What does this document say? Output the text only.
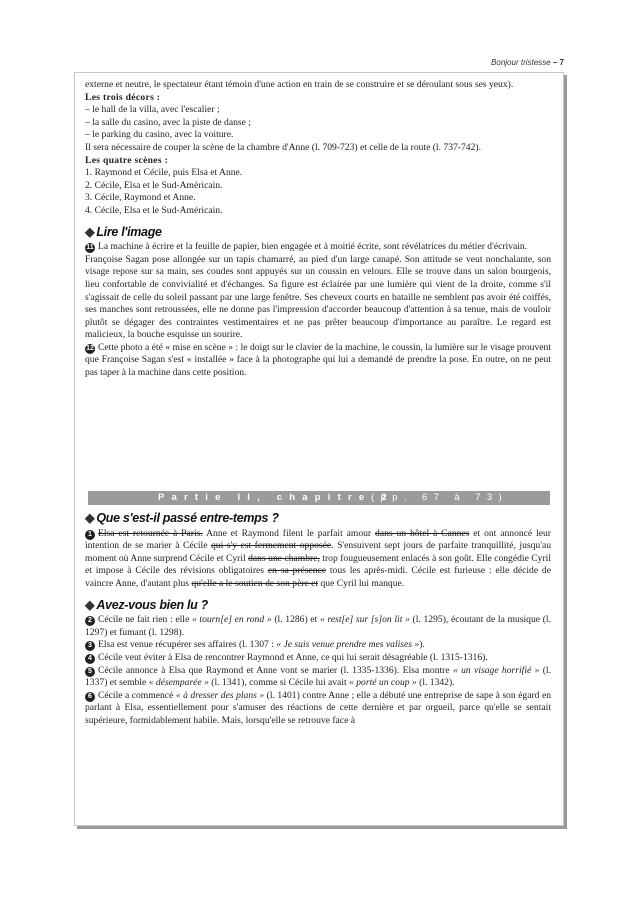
Bonjour tristesse – 7

externe et neutre, le spectateur étant témoin d'une action en train de se construire et se déroulant sous ses yeux).

Les trois décors :

– le hall de la villa, avec l'escalier ;

– la salle du casino, avec la piste de danse ;

– le parking du casino, avec la voiture.

Il sera nécessaire de couper la scène de la chambre d'Anne (l. 709-723) et celle de la route (l. 737-742).

Les quatre scènes :

1. Raymond et Cécile, puis Elsa et Anne.

2. Cécile, Elsa et le Sud-Américain.

3. Cécile, Raymond et Anne.

4. Cécile, Elsa et le Sud-Américain.

◆ Lire l'image

11 La machine à écrire et la feuille de papier, bien engagée et à moitié écrite, sont révélatrices du métier d'écrivain.

Françoise Sagan pose allongée sur un tapis chamarré, au pied d'un large canapé. Son attitude se veut nonchalante, son visage repose sur sa main, ses coudes sont appuyés sur un coussin en velours. Elle se trouve dans un salon bourgeois, lieu confortable de convivialité et d'échanges. Sa figure est éclairée par une lumière qui vient de la droite, comme s'il s'agissait de celle du soleil passant par une large fenêtre. Ses cheveux courts en bataille ne semblent pas avoir été coiffés, ses manches sont retroussées, elle ne donne pas l'impression d'accorder beaucoup d'attention à sa tenue, mais de vouloir plutôt se dégager des contraintes vestimentaires et ne pas prêter beaucoup d'importance au paraître. Le regard est malicieux, la bouche esquisse un sourire.

12 Cette photo a été « mise en scène » : le doigt sur le clavier de la machine, le coussin, la lumière sur le visage prouvent que Françoise Sagan s'est « installée » face à la photographe qui lui a demandé de prendre la pose. En outre, on ne peut pas taper à la machine dans cette position.

Partie II, chapitre 2
(pp. 67 à 73)
◆ Que s'est-il passé entre-temps ?

1 Elsa est retournée à Paris. Anne et Raymond filent le parfait amour dans un hôtel à Cannes et ont annoncé leur intention de se marier à Cécile qui s'y est fermement opposée. S'ensuivent sept jours de parfaite tranquillité, jusqu'au moment où Anne surprend Cécile et Cyril dans une chambre, trop fougueusement enlacés à son goût. Elle congédie Cyril et impose à Cécile des révisions obligatoires en sa présence tous les après-midi. Cécile est furieuse : elle décide de vaincre Anne, d'autant plus qu'elle a le soutien de son père et que Cyril lui manque.

◆ Avez-vous bien lu ?

2 Cécile ne fait rien : elle « tourn[e] en rond » (l. 1286) et « rest[e] sur [s]on lit » (l. 1295), écoutant de la musique (l. 1297) et fumant (l. 1298).

3 Elsa est venue récupérer ses affaires (l. 1307 : « Je suis venue prendre mes valises »).

4 Cécile veut éviter à Elsa de rencontrer Raymond et Anne, ce qui lui serait désagréable (l. 1315-1316).

5 Cécile annonce à Elsa que Raymond et Anne vont se marier (l. 1335-1336). Elsa montre « un visage horrifié » (l. 1337) et semble « désemparée » (l. 1341), comme si Cécile lui avait « porté un coup » (l. 1342).

6 Cécile a commencé « à dresser des plans » (l. 1401) contre Anne ; elle a débuté une entreprise de sape à son égard en parlant à Elsa, essentiellement pour s'amuser des réactions de cette dernière et par orgueil, parce qu'elle se sentait supérieure, formidablement habile. Mais, lorsqu'elle se retrouve face à
